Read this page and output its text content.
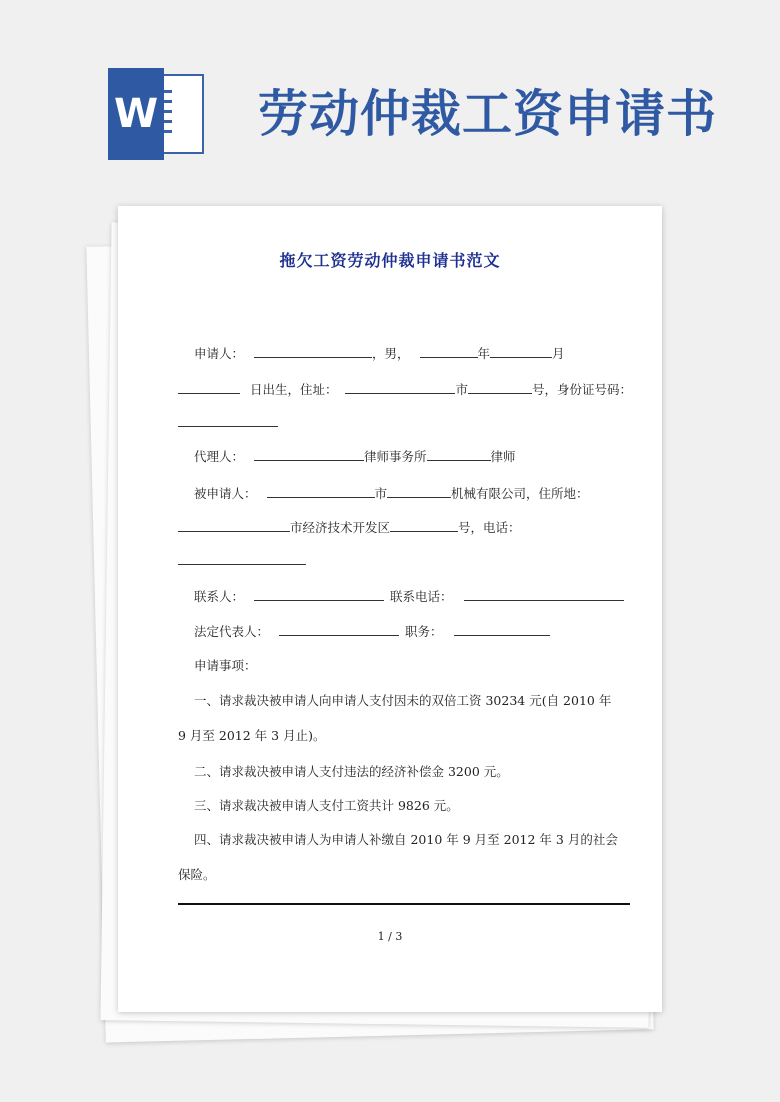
W 劳动仲裁工资申请书
拖欠工资劳动仲裁申请书范文
申请人：	，男，	年	月
日出生，住址：	市	号，身份证号码：
代理人：	律师事务所	律师
被申请人：	市	机械有限公司，住所地：
市经济技术开发区	号，电话：
联系人：	联系电话：
法定代表人：	职务：
申请事项：
一、请求裁决被申请人向申请人支付因未的双倍工资 30234 元(自 2010 年
9 月至 2012 年 3 月止)。
二、请求裁决被申请人支付违法的经济补偿金 3200 元。
三、请求裁决被申请人支付工资共计 9826 元。
四、请求裁决被申请人为申请人补缴自 2010 年 9 月至 2012 年 3 月的社会
保险。
1 / 3
